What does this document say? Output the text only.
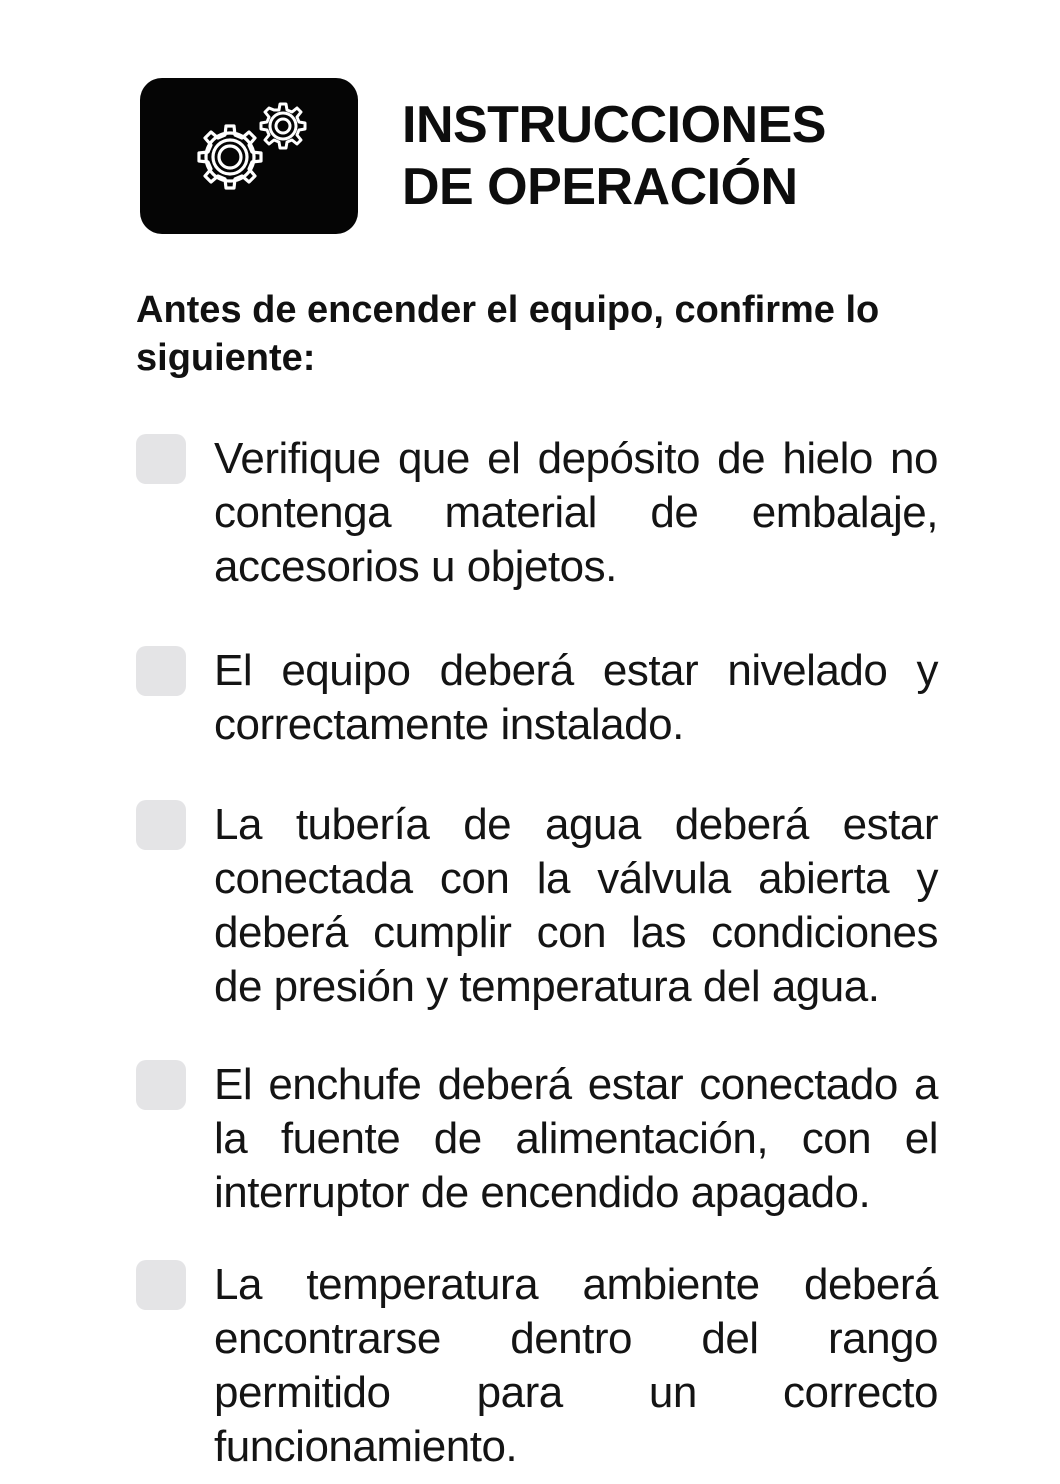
INSTRUCCIONES
DE OPERACIÓN
Antes de encender el equipo, confirme lo siguiente:
Verifique que el depósito de hielo no contenga material de embalaje, accesorios u objetos.
El equipo deberá estar nivelado y correctamente instalado.
La tubería de agua deberá estar conectada con la válvula abierta y deberá cumplir con las condiciones de presión y temperatura del agua.
El enchufe deberá estar conectado a la fuente de alimentación, con el interruptor de encendido apagado.
La temperatura ambiente deberá encontrarse dentro del rango permitido para un correcto funcionamiento.
